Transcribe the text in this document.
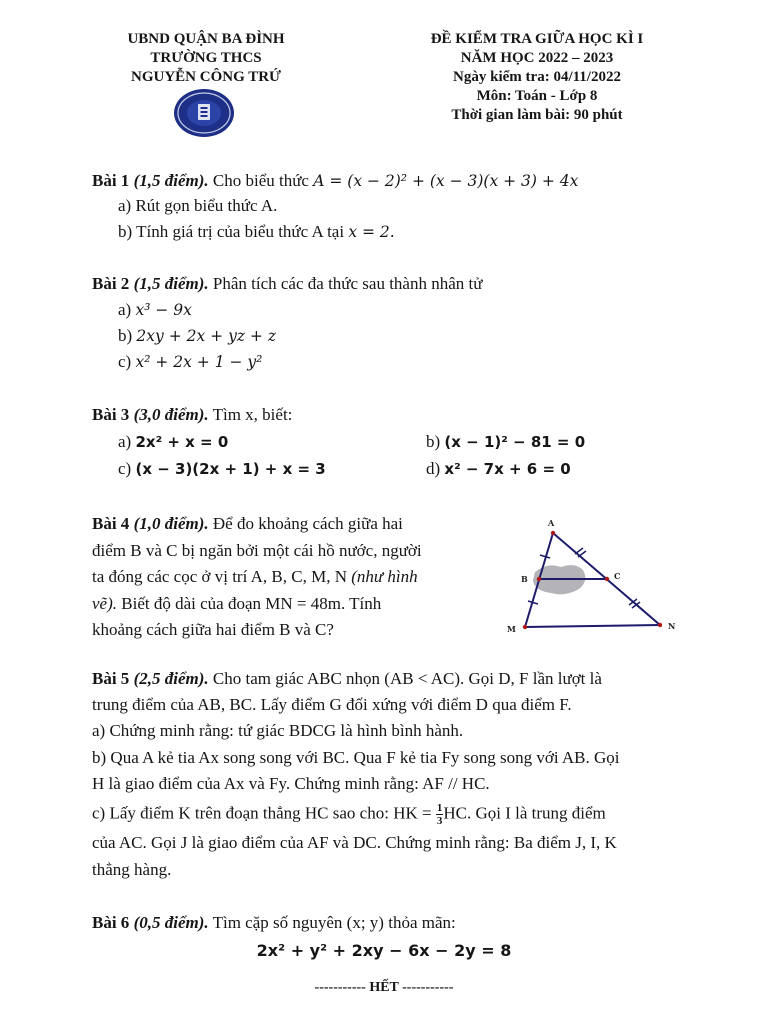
UBND QUẬN BA ĐÌNH
TRƯỜNG THCS
NGUYỄN CÔNG TRỨ
ĐỀ KIỂM TRA GIỮA HỌC KÌ I
NĂM HỌC 2022 – 2023
Ngày kiểm tra: 04/11/2022
Môn: Toán - Lớp 8
Thời gian làm bài: 90 phút
Bài 1 (1,5 điểm). Cho biểu thức A = (x − 2)² + (x − 3)(x + 3) + 4x
a) Rút gọn biểu thức A.
b) Tính giá trị của biểu thức A tại x = 2.
Bài 2 (1,5 điểm). Phân tích các đa thức sau thành nhân tử
a) x³ − 9x
b) 2xy + 2x + yz + z
c) x² + 2x + 1 − y²
Bài 3 (3,0 điểm). Tìm x, biết:
a) 2x² + x = 0	b) (x − 1)² − 81 = 0
c) (x − 3)(2x + 1) + x = 3	d) x² − 7x + 6 = 0
Bài 4 (1,0 điểm). Để đo khoảng cách giữa hai
điểm B và C bị ngăn bởi một cái hồ nước, người
ta đóng các cọc ở vị trí A, B, C, M, N (như hình
vẽ). Biết độ dài của đoạn MN = 48m. Tính
khoảng cách giữa hai điểm B và C?
A
B	C
M	N
Bài 5 (2,5 điểm). Cho tam giác ABC nhọn (AB < AC). Gọi D, F lần lượt là
trung điểm của AB, BC. Lấy điểm G đối xứng với điểm D qua điểm F.
a) Chứng minh rằng: tứ giác BDCG là hình bình hành.
b) Qua A kẻ tia Ax song song với BC. Qua F kẻ tia Fy song song với AB. Gọi
H là giao điểm của Ax và Fy. Chứng minh rằng: AF // HC.
c) Lấy điểm K trên đoạn thẳng HC sao cho: HK = $\frac{1}{3}$ HC. Gọi I là trung điểm
của AC. Gọi J là giao điểm của AF và DC. Chứng minh rằng: Ba điểm J, I, K
thẳng hàng.
Bài 6 (0,5 điểm). Tìm cặp số nguyên (x; y) thỏa mãn:
2x² + y² + 2xy − 6x − 2y = 8
----------- HẾT -----------
